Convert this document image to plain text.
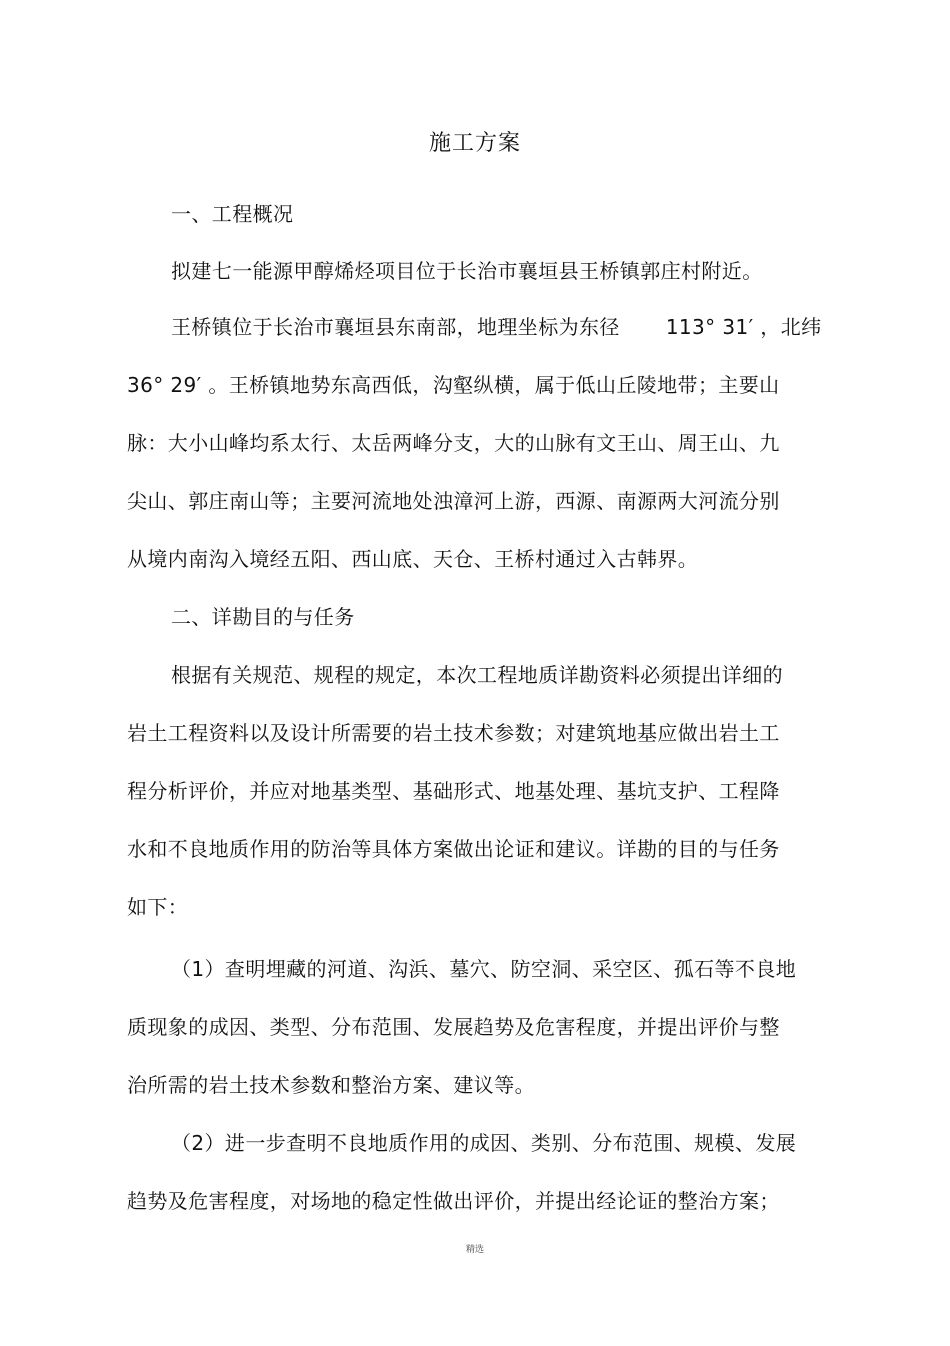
施工方案
一、工程概况
拟建七一能源甲醇烯烃项目位于长治市襄垣县王桥镇郭庄村附近。
王桥镇位于长治市襄垣县东南部，地理坐标为东径 113° 31′ ，北纬
36° 29′ 。王桥镇地势东高西低，沟壑纵横，属于低山丘陵地带；主要山
脉：大小山峰均系太行、太岳两峰分支，大的山脉有文王山、周王山、九
尖山、郭庄南山等；主要河流地处浊漳河上游，西源、南源两大河流分别
从境内南沟入境经五阳、西山底、天仓、王桥村通过入古韩界。
二、详勘目的与任务
根据有关规范、规程的规定，本次工程地质详勘资料必须提出详细的
岩土工程资料以及设计所需要的岩土技术参数；对建筑地基应做出岩土工
程分析评价，并应对地基类型、基础形式、地基处理、基坑支护、工程降
水和不良地质作用的防治等具体方案做出论证和建议。详勘的目的与任务
如下：
（1）查明埋藏的河道、沟浜、墓穴、防空洞、采空区、孤石等不良地
质现象的成因、类型、分布范围、发展趋势及危害程度，并提出评价与整
治所需的岩土技术参数和整治方案、建议等。
（2）进一步查明不良地质作用的成因、类别、分布范围、规模、发展
趋势及危害程度，对场地的稳定性做出评价，并提出经论证的整治方案；
精选
